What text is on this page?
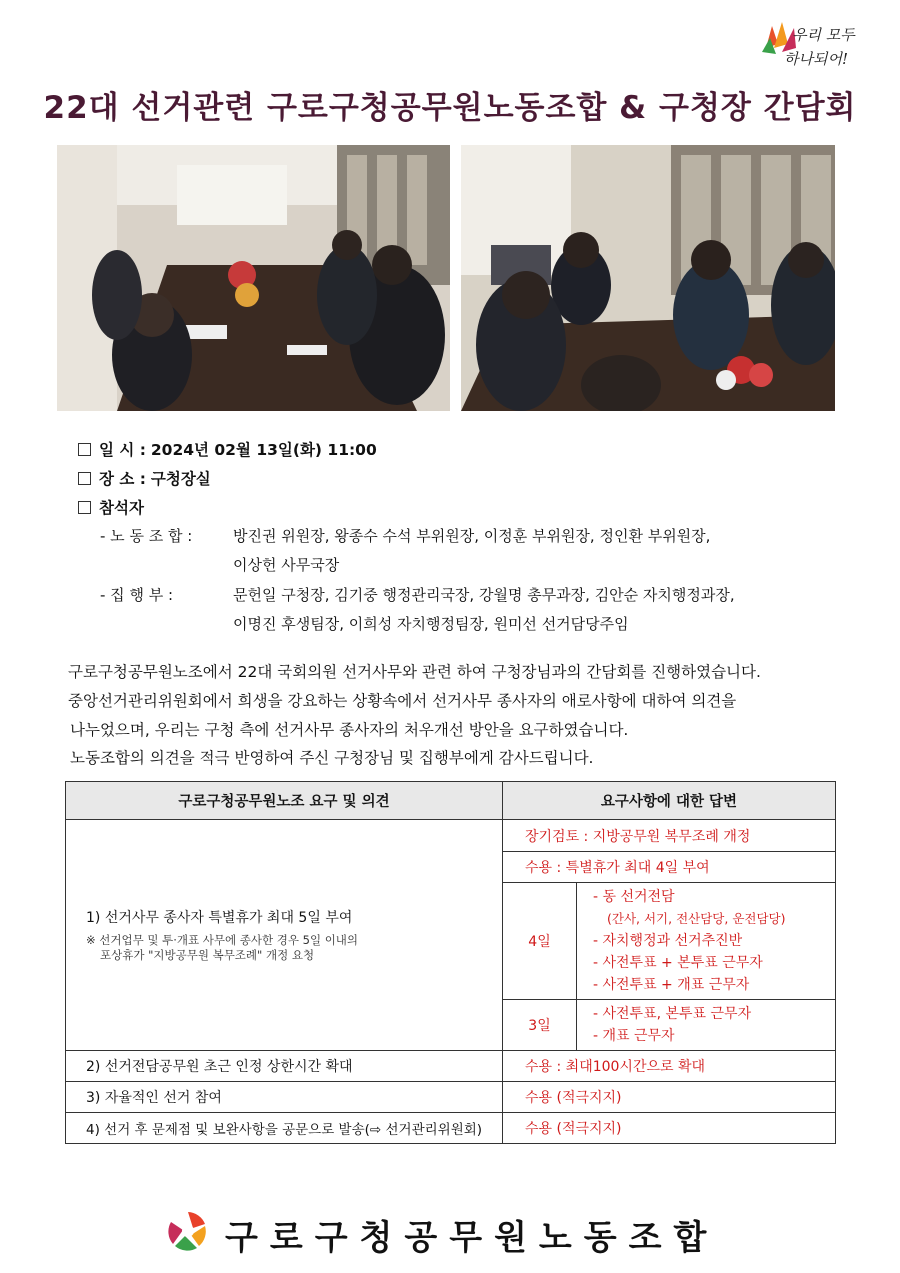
우리 모두
하나되어!
22대 선거관련 구로구청공무원노동조합 & 구청장 간담회
일 시 : 2024년 02월 13일(화) 11:00
장 소 : 구청장실
참석자
- 노 동 조 합 :	방진권 위원장, 왕종수 수석 부위원장, 이정훈 부위원장, 정인환 부위원장,
이상헌 사무국장
- 집 행 부 :	문헌일 구청장, 김기중 행정관리국장, 강월명 총무과장, 김안순 자치행정과장,
이명진 후생팀장, 이희성 자치행정팀장, 원미선 선거담당주임
구로구청공무원노조에서 22대 국회의원 선거사무와 관련 하여 구청장님과의 간담회를 진행하였습니다.
중앙선거관리위원회에서 희생을 강요하는 상황속에서 선거사무 종사자의 애로사항에 대하여 의견을
나누었으며, 우리는 구청 측에 선거사무 종사자의 처우개선 방안을 요구하였습니다.
노동조합의 의견을 적극 반영하여 주신 구청장님 및 집행부에게 감사드립니다.
구로구청공무원노조 요구 및 의견	요구사항에 대한 답변	

1) 선거사무 종사자 특별휴가 최대 5일 부여
※ 선거업무 및 투·개표 사무에 종사한 경우 5일 이내의
포상휴가 "지방공무원 복무조례" 개정 요청	장기검토 : 지방공무원 복무조례 개정	
	수용 : 특별휴가 최대 4일 부여	
	4일	- 동 선거전담
(간사, 서기, 전산담당, 운전담당)
- 자치행정과 선거추진반
- 사전투표 + 본투표 근무자
- 사전투표 + 개표 근무자

	3일	- 사전투표, 본투표 근무자
- 개표 근무자

2) 선거전담공무원 초근 인정 상한시간 확대	수용 : 최대100시간으로 확대	
3) 자율적인 선거 참여	수용 (적극지지)	
4) 선거 후 문제점 및 보완사항을 공문으로 발송(⇨ 선거관리위원회)	수용 (적극지지)	
구로구청공무원노동조합
